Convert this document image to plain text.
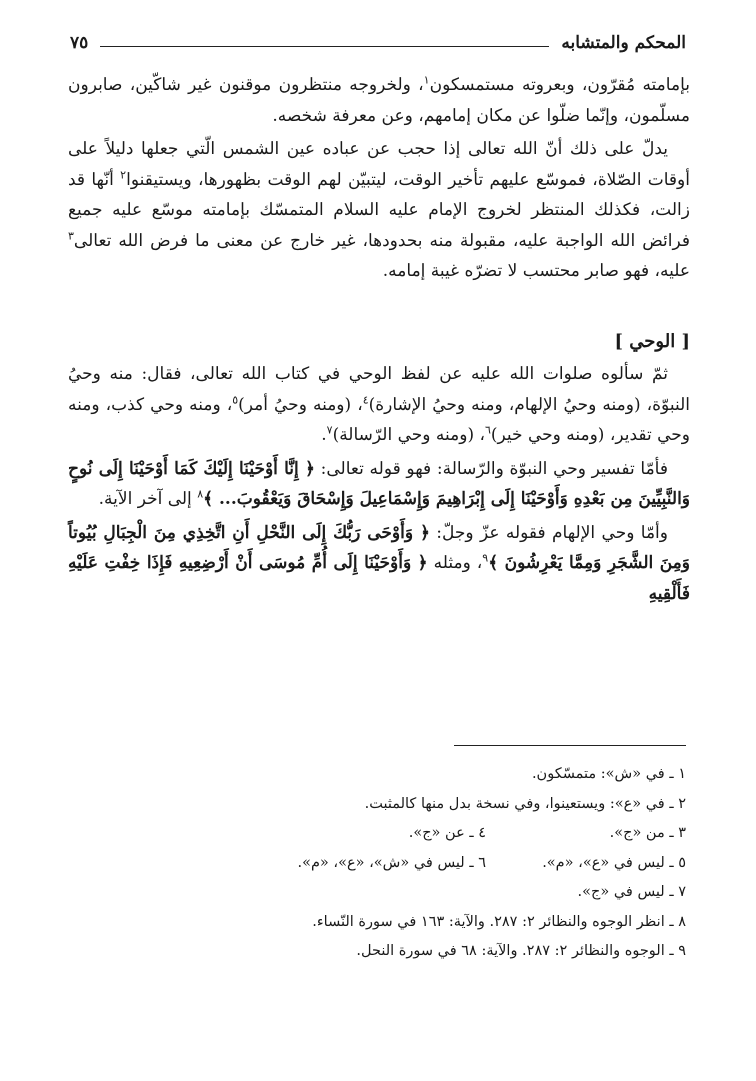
المحكم والمتشابه
٧٥

بإمامته مُقرّون، وبعروته مستمسكون$^١$، ولخروجه منتظرون موقنون غير شاكّين، صابرون مسلّمون، وإنّما ضلّوا عن مكان إمامهم، وعن معرفة شخصه.

يدلّ على ذلك أنّ الله تعالى إذا حجب عن عباده عين الشمس الّتي جعلها دليلاً على أوقات الصّلاة، فموسّع عليهم تأخير الوقت، ليتبيّن لهم الوقت بظهورها، ويستيقنوا$^٢$ أنّها قد زالت، فكذلك المنتظر لخروج الإمام عليه السلام المتمسّك بإمامته موسّع عليه جميع فرائض الله الواجبة عليه، مقبولة منه بحدودها، غير خارج عن معنى ما فرض الله تعالى$^٣$ عليه، فهو صابر محتسب لا تضرّه غيبة إمامه.

[ الوحي ]

ثمّ سألوه صلوات الله عليه عن لفظ الوحي في كتاب الله تعالى، فقال: منه وحيُ النبوّة، (ومنه وحيُ الإلهام، ومنه وحيُ الإشارة)$^٤$، (ومنه وحيُ أمر)$^٥$، ومنه وحي كذب، ومنه وحي تقدير، (ومنه وحي خير)$^٦$، (ومنه وحي الرّسالة)$^٧$.

فأمّا تفسير وحي النبوّة والرّسالة: فهو قوله تعالى: ﴿ إِنَّا أَوْحَيْنَا إِلَيْكَ كَمَا أَوْحَيْنَا إِلَى نُوحٍ وَالنَّبِيِّينَ مِن بَعْدِهِ وَأَوْحَيْنَا إِلَى إِبْرَاهِيمَ وَإِسْمَاعِيلَ وَإِسْحَاقَ وَيَعْقُوبَ... ﴾$^٨$ إلى آخر الآية.

وأمّا وحي الإلهام فقوله عزّ وجلّ: ﴿ وَأَوْحَى رَبُّكَ إِلَى النَّحْلِ أَنِ اتَّخِذِي مِنَ الْجِبَالِ بُيُوتاً وَمِنَ الشَّجَرِ وَمِمَّا يَعْرِشُونَ ﴾$^٩$، ومثله ﴿ وَأَوْحَيْنَا إِلَى أُمِّ مُوسَى أَنْ أَرْضِعِيهِ فَإِذَا خِفْتِ عَلَيْهِ فَأَلْقِيهِ

١ ـ في «ش»: متمسّكون.
٢ ـ في «ع»: ويستعينوا، وفي نسخة بدل منها كالمثبت.
٣ ـ من «ج».
٤ ـ عن «ج».
٥ ـ ليس في «ع»، «م».
٦ ـ ليس في «ش»، «ع»، «م».
٧ ـ ليس في «ج».
٨ ـ انظر الوجوه والنظائر ٢: ٢٨٧. والآية: ١٦٣ في سورة النّساء.
٩ ـ الوجوه والنظائر ٢: ٢٨٧. والآية: ٦٨ في سورة النحل.
